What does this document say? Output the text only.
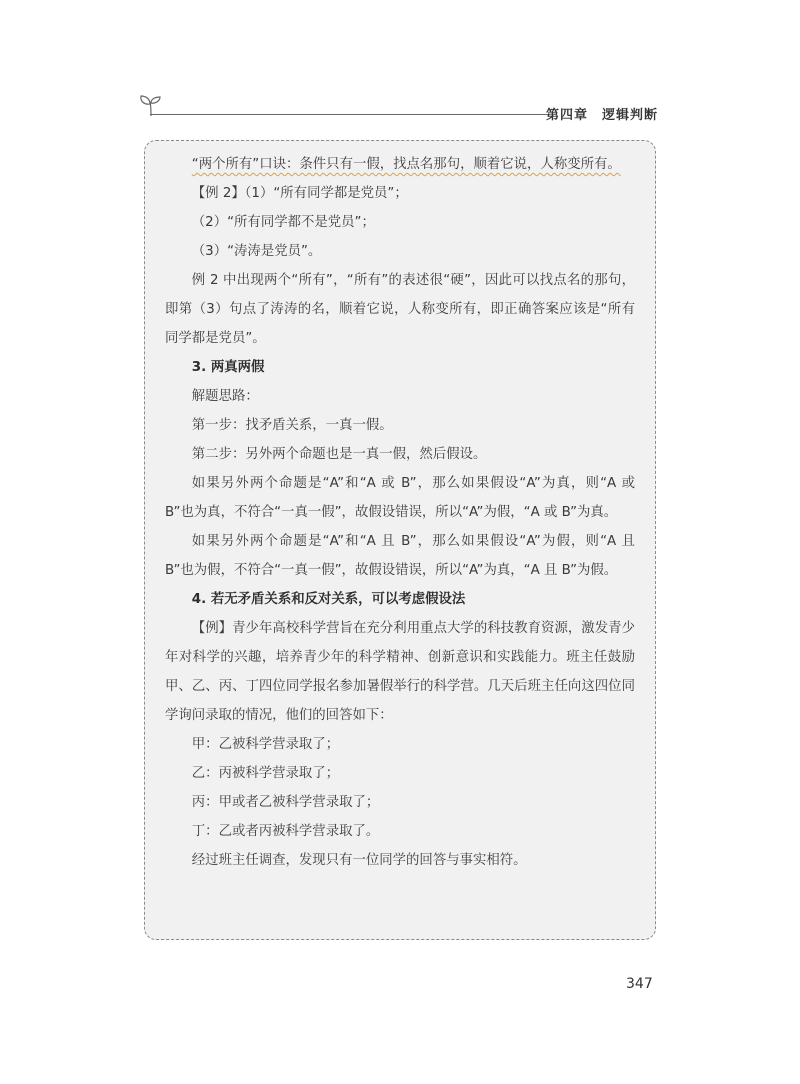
第四章 逻辑判断

“两个所有”口诀：条件只有一假，找点名那句，顺着它说，人称变所有。

【例 2】（1）“所有同学都是党员”；

（2）“所有同学都不是党员”；

（3）“涛涛是党员”。

例 2 中出现两个“所有”，“所有”的表述很“硬”，因此可以找点名的那句，即第（3）句点了涛涛的名，顺着它说，人称变所有，即正确答案应该是“所有同学都是党员”。

3. 两真两假

解题思路：

第一步：找矛盾关系，一真一假。

第二步：另外两个命题也是一真一假，然后假设。

如果另外两个命题是“A”和“A 或 B”，那么如果假设“A”为真，则“A 或 B”也为真，不符合“一真一假”，故假设错误，所以“A”为假，“A 或 B”为真。

如果另外两个命题是“A”和“A 且 B”，那么如果假设“A”为假，则“A 且 B”也为假，不符合“一真一假”，故假设错误，所以“A”为真，“A 且 B”为假。

4. 若无矛盾关系和反对关系，可以考虑假设法

【例】青少年高校科学营旨在充分利用重点大学的科技教育资源，激发青少年对科学的兴趣，培养青少年的科学精神、创新意识和实践能力。班主任鼓励甲、乙、丙、丁四位同学报名参加暑假举行的科学营。几天后班主任向这四位同学询问录取的情况，他们的回答如下：

甲：乙被科学营录取了；

乙：丙被科学营录取了；

丙：甲或者乙被科学营录取了；

丁：乙或者丙被科学营录取了。

经过班主任调查，发现只有一位同学的回答与事实相符。

347
